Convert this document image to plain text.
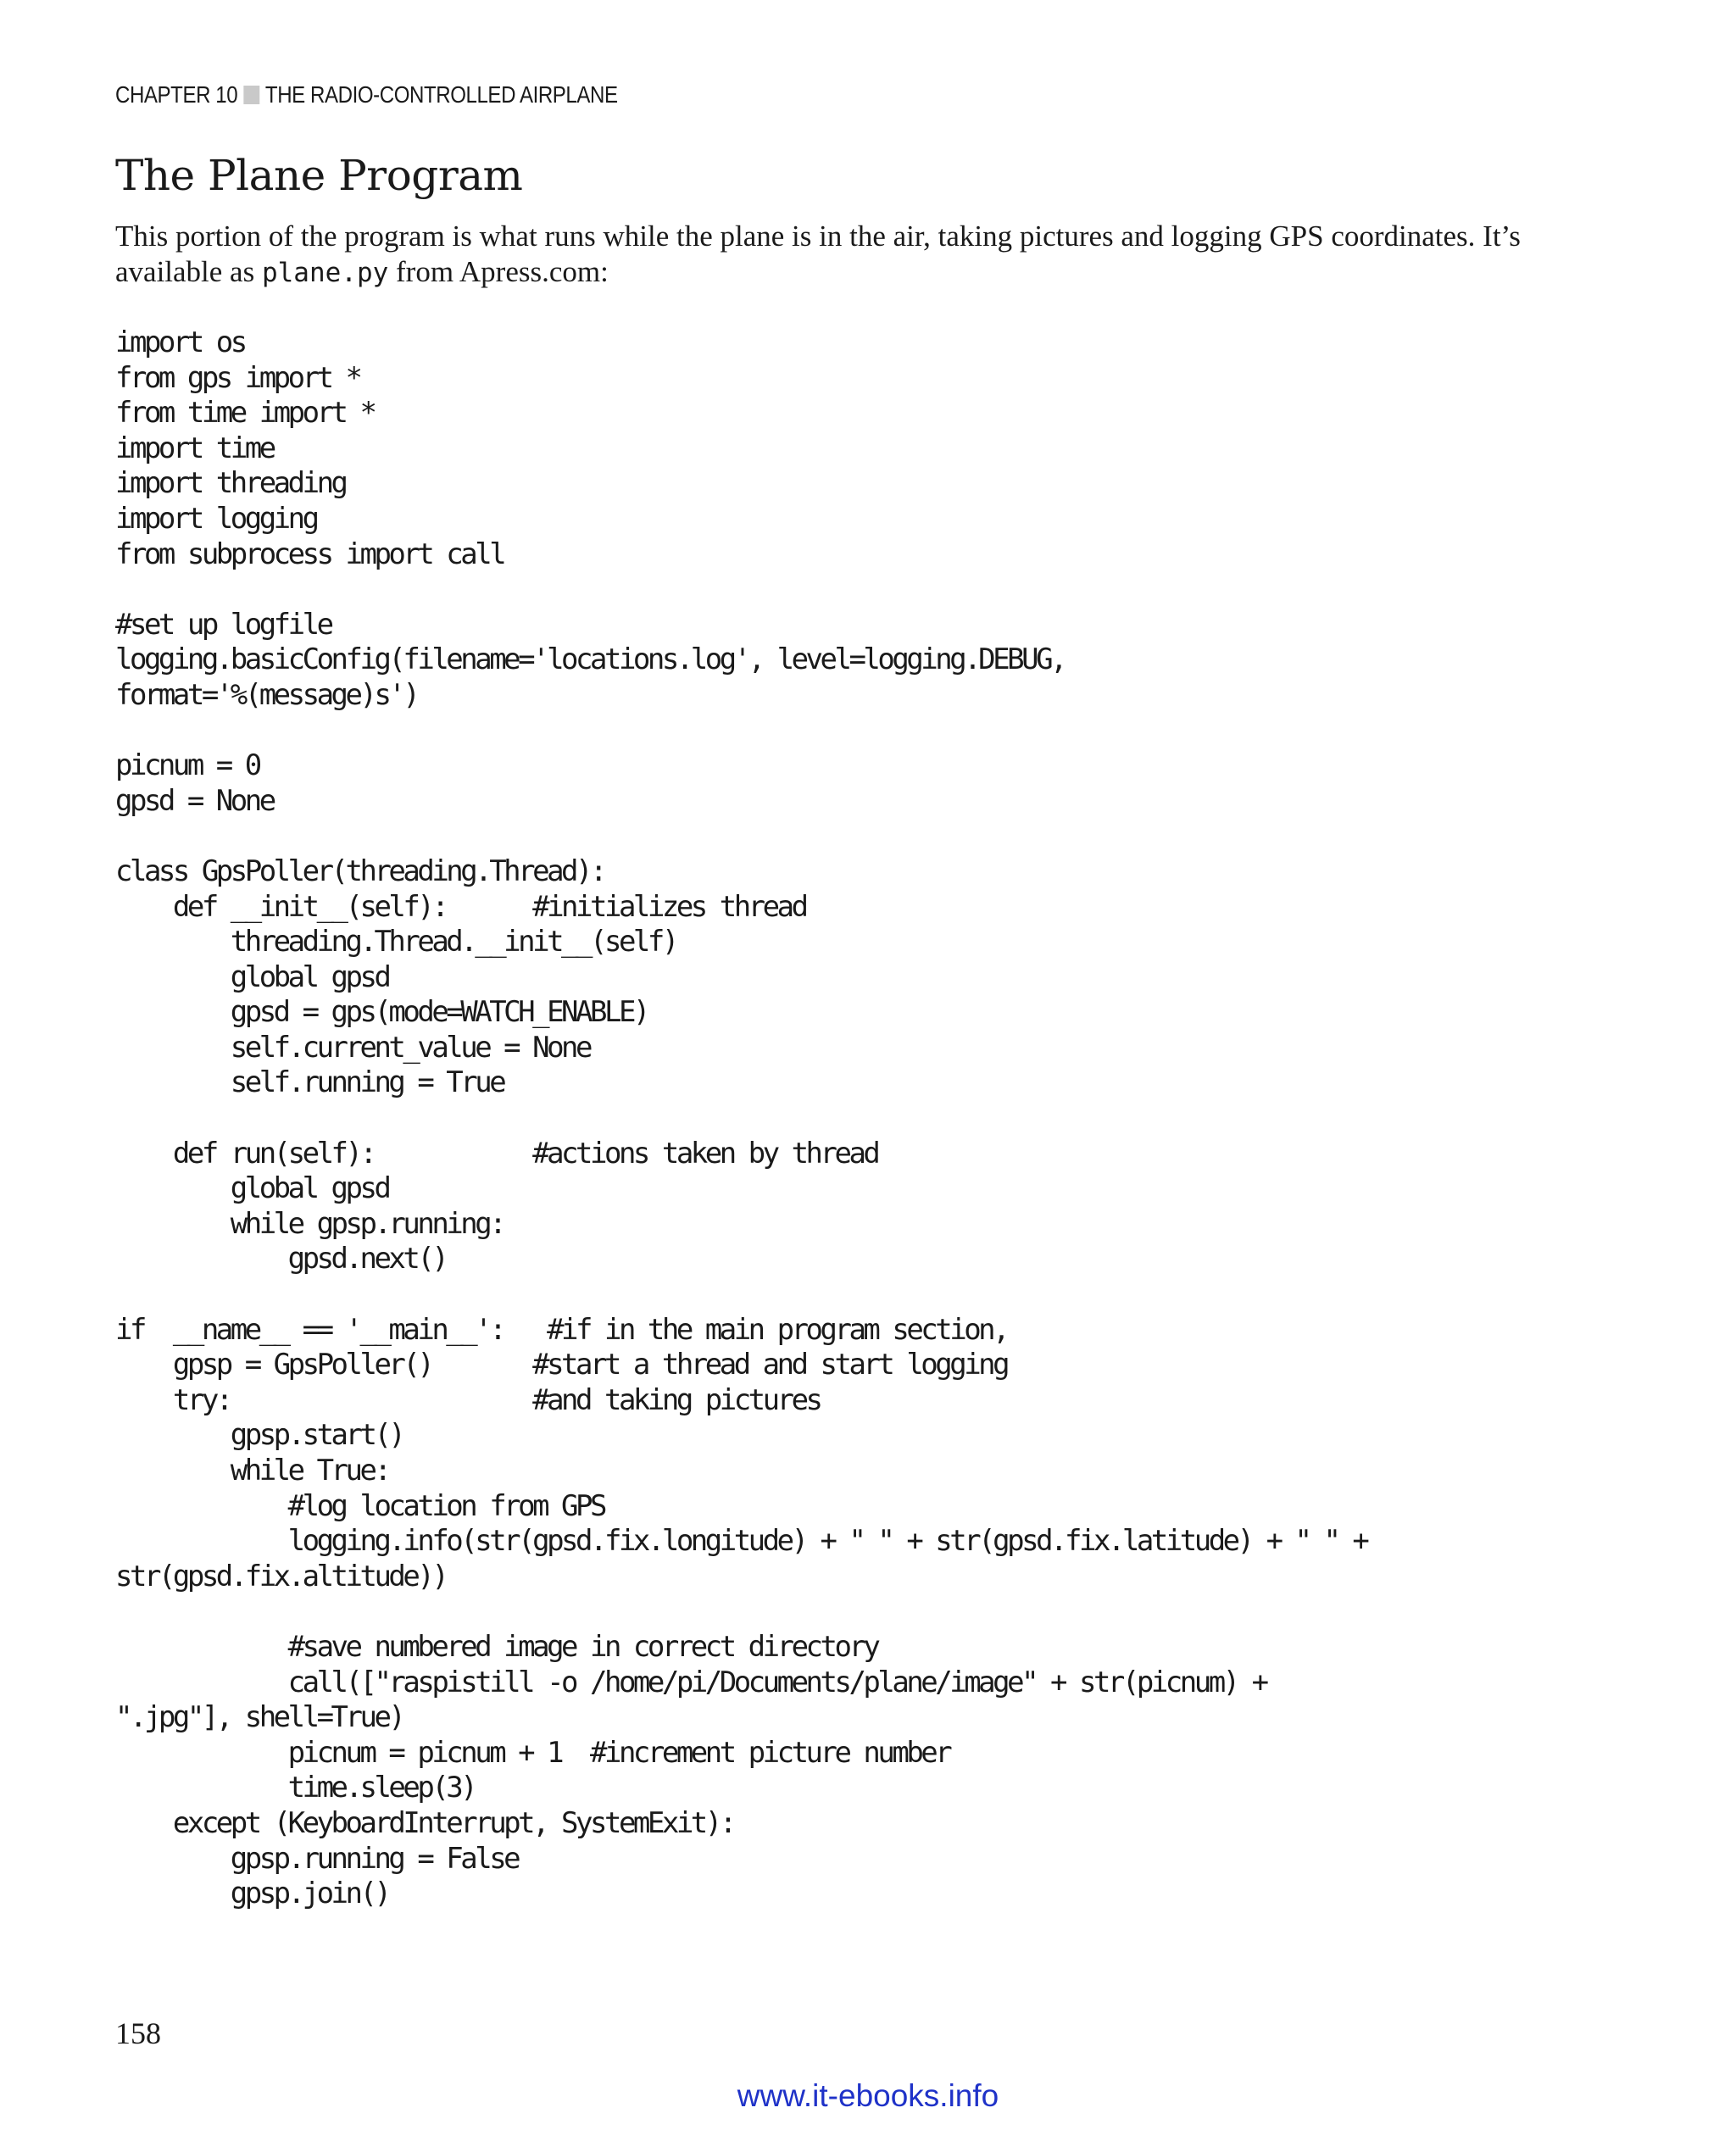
CHAPTER 10 THE RADIO-CONTROLLED AIRPLANE
The Plane Program

This portion of the program is what runs while the plane is in the air, taking pictures and logging GPS coordinates. It’s available as plane.py from Apress.com:

import os
from gps import *
from time import *
import time
import threading
import logging
from subprocess import call

#set up logfile
logging.basicConfig(filename='locations.log', level=logging.DEBUG,
format='%(message)s')

picnum = 0
gpsd = None

class GpsPoller(threading.Thread):
def __init__(self):      #initializes thread
threading.Thread.__init__(self)
global gpsd
gpsd = gps(mode=WATCH_ENABLE)
self.current_value = None
self.running = True

def run(self):           #actions taken by thread
global gpsd
while gpsp.running:
gpsd.next()

if  __name__ == '__main__':   #if in the main program section,
gpsp = GpsPoller()       #start a thread and start logging
try:                     #and taking pictures
gpsp.start()
while True:
#log location from GPS
logging.info(str(gpsd.fix.longitude) + " " + str(gpsd.fix.latitude) + " " +
str(gpsd.fix.altitude))

#save numbered image in correct directory
call(["raspistill -o /home/pi/Documents/plane/image" + str(picnum) +
".jpg"], shell=True)
picnum = picnum + 1  #increment picture number
time.sleep(3)
except (KeyboardInterrupt, SystemExit):
gpsp.running = False
gpsp.join()
158
www.it-ebooks.info
